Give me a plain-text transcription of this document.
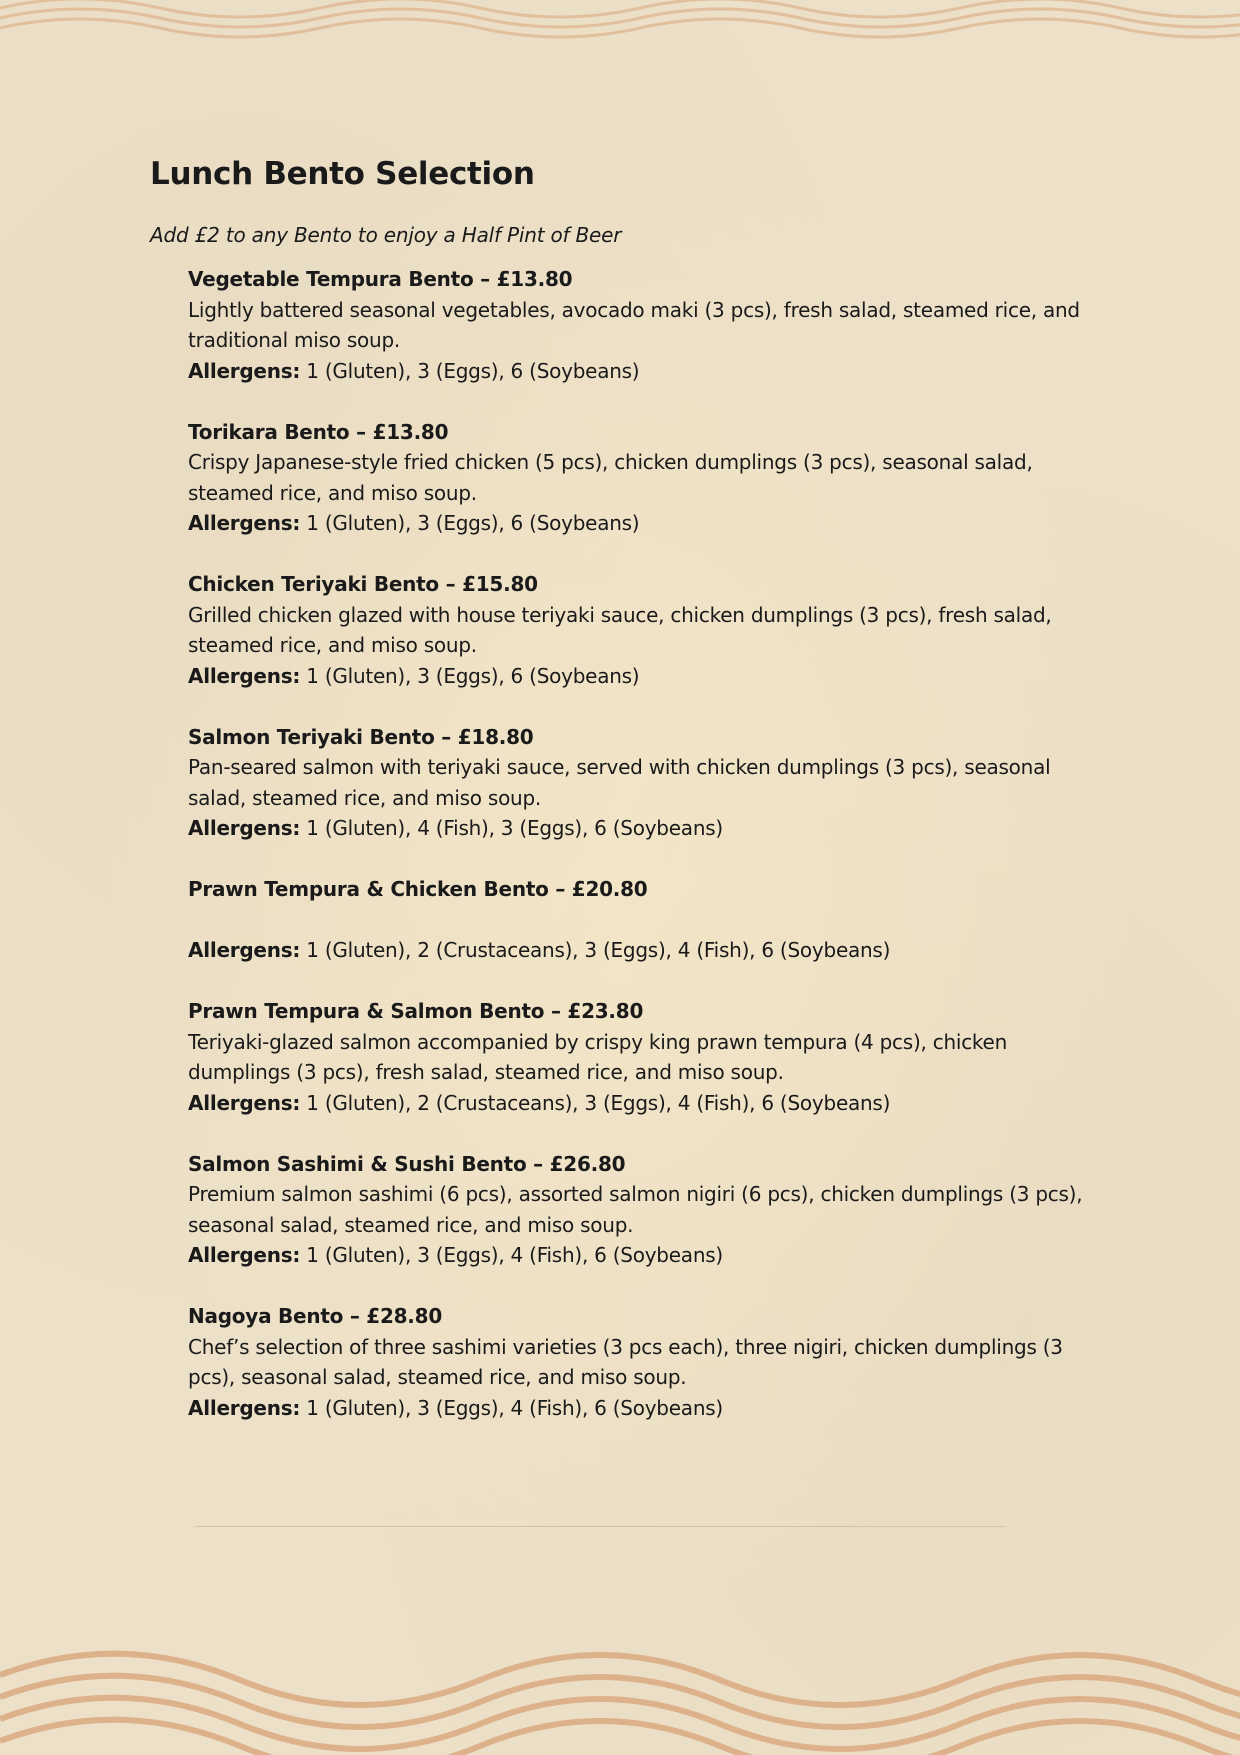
Lunch Bento Selection
Add £2 to any Bento to enjoy a Half Pint of Beer
Vegetable Tempura Bento – £13.80
Lightly battered seasonal vegetables, avocado maki (3 pcs), fresh salad, steamed rice, and traditional miso soup.
Allergens: 1 (Gluten), 3 (Eggs), 6 (Soybeans)
Torikara Bento – £13.80
Crispy Japanese-style fried chicken (5 pcs), chicken dumplings (3 pcs), seasonal salad, steamed rice, and miso soup.
Allergens: 1 (Gluten), 3 (Eggs), 6 (Soybeans)
Chicken Teriyaki Bento – £15.80
Grilled chicken glazed with house teriyaki sauce, chicken dumplings (3 pcs), fresh salad, steamed rice, and miso soup.
Allergens: 1 (Gluten), 3 (Eggs), 6 (Soybeans)
Salmon Teriyaki Bento – £18.80
Pan-seared salmon with teriyaki sauce, served with chicken dumplings (3 pcs), seasonal salad, steamed rice, and miso soup.
Allergens: 1 (Gluten), 4 (Fish), 3 (Eggs), 6 (Soybeans)
Prawn Tempura & Chicken Bento – £20.80
Allergens: 1 (Gluten), 2 (Crustaceans), 3 (Eggs), 4 (Fish), 6 (Soybeans)
Prawn Tempura & Salmon Bento – £23.80
Teriyaki-glazed salmon accompanied by crispy king prawn tempura (4 pcs), chicken dumplings (3 pcs), fresh salad, steamed rice, and miso soup.
Allergens: 1 (Gluten), 2 (Crustaceans), 3 (Eggs), 4 (Fish), 6 (Soybeans)
Salmon Sashimi & Sushi Bento – £26.80
Premium salmon sashimi (6 pcs), assorted salmon nigiri (6 pcs), chicken dumplings (3 pcs), seasonal salad, steamed rice, and miso soup.
Allergens: 1 (Gluten), 3 (Eggs), 4 (Fish), 6 (Soybeans)
Nagoya Bento – £28.80
Chef’s selection of three sashimi varieties (3 pcs each), three nigiri, chicken dumplings (3 pcs), seasonal salad, steamed rice, and miso soup.
Allergens: 1 (Gluten), 3 (Eggs), 4 (Fish), 6 (Soybeans)
